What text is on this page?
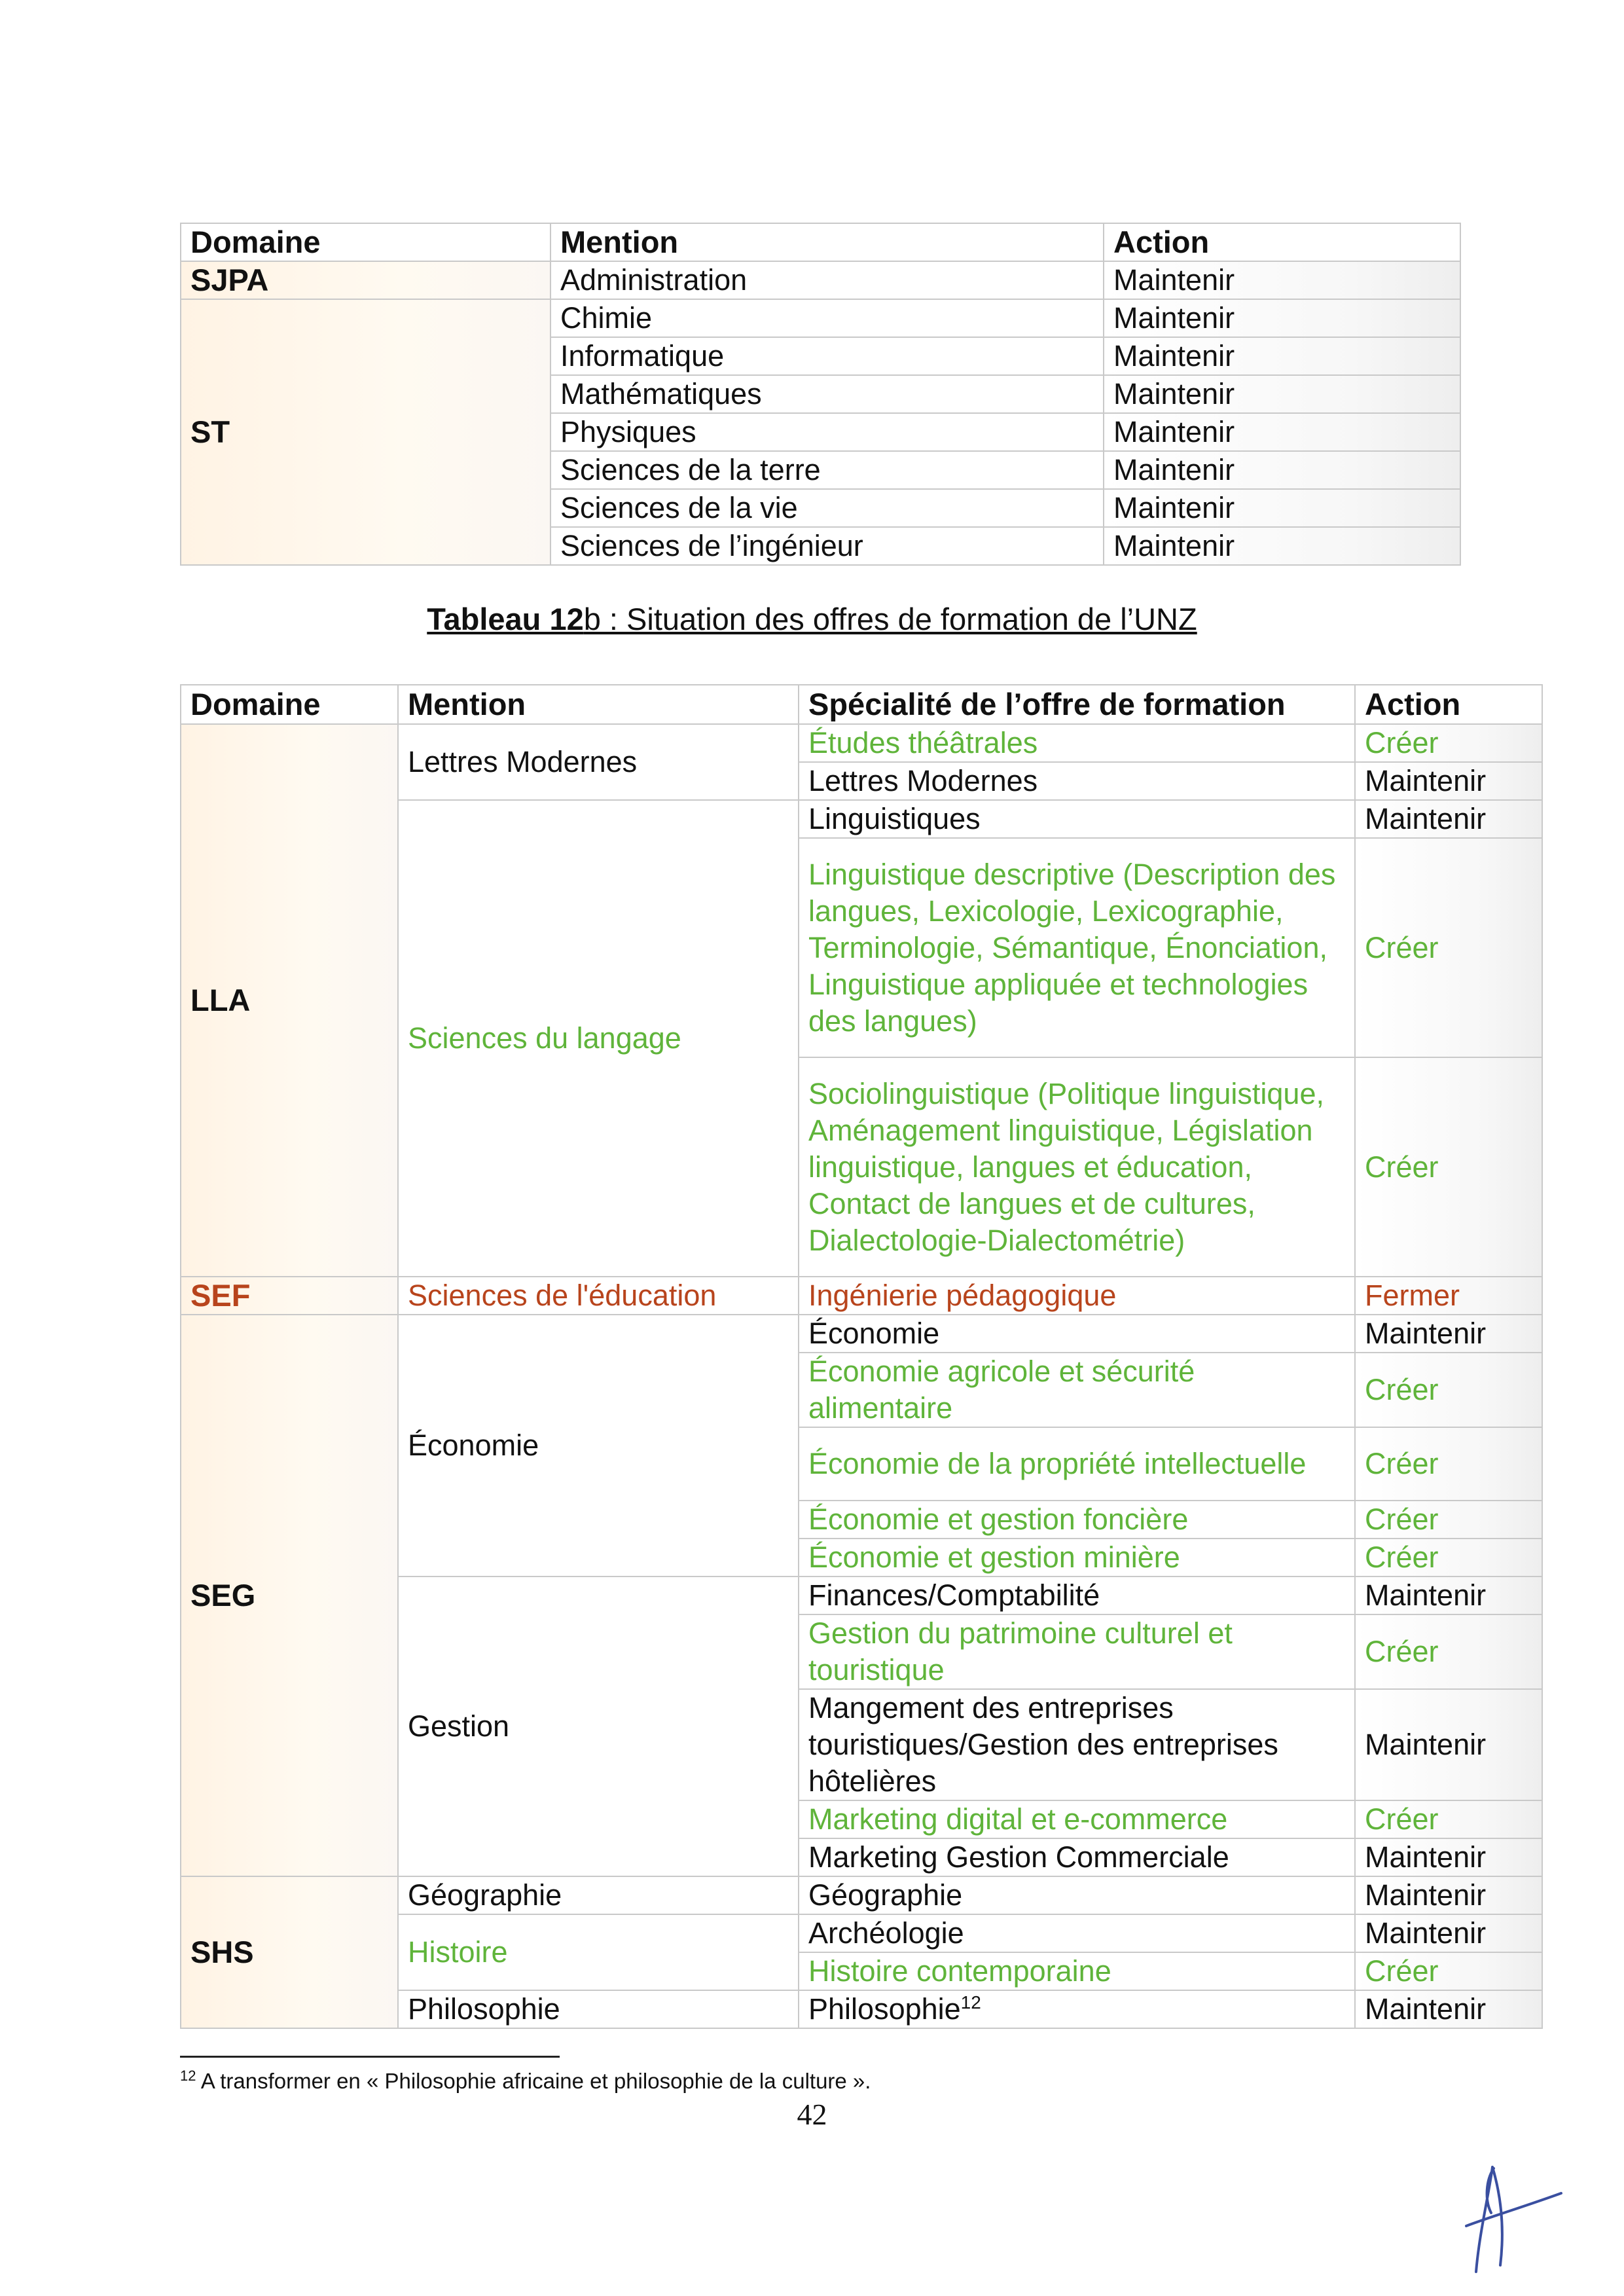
Domaine	Mention	Action
SJPA	Administration	Maintenir
ST	Chimie	Maintenir
	Informatique	Maintenir
	Mathématiques	Maintenir
	Physiques	Maintenir
	Sciences de la terre	Maintenir
	Sciences de la vie	Maintenir
	Sciences de l’ingénieur	Maintenir
Tableau 12b : Situation des offres de formation de l’UNZ
Domaine	Mention	Spécialité de l’offre de formation	Action
LLA	Lettres Modernes	Études théâtrales	Créer
		Lettres Modernes	Maintenir
	Sciences du langage	Linguistiques	Maintenir
		Linguistique descriptive (Description des langues, Lexicologie, Lexicographie, Terminologie, Sémantique, Énonciation, Linguistique appliquée et technologies des langues)	Créer
		Sociolinguistique (Politique linguistique, Aménagement linguistique, Législation linguistique, langues et éducation, Contact de langues et de cultures, Dialectologie-Dialectométrie)	Créer
SEF	Sciences de l'éducation	Ingénierie pédagogique	Fermer
SEG	Économie	Économie	Maintenir
		Économie agricole et sécurité alimentaire	Créer
		Économie de la propriété intellectuelle	Créer
		Économie et gestion foncière	Créer
		Économie et gestion minière	Créer
	Gestion	Finances/Comptabilité	Maintenir
		Gestion du patrimoine culturel et touristique	Créer
		Mangement des entreprises touristiques/Gestion des entreprises hôtelières	Maintenir
		Marketing digital et e-commerce	Créer
		Marketing Gestion Commerciale	Maintenir
SHS	Géographie	Géographie	Maintenir
	Histoire	Archéologie	Maintenir
		Histoire contemporaine	Créer
	Philosophie	Philosophie$^{12}$	Maintenir
$^{12}$ A transformer en « Philosophie africaine et philosophie de la culture ».
42
